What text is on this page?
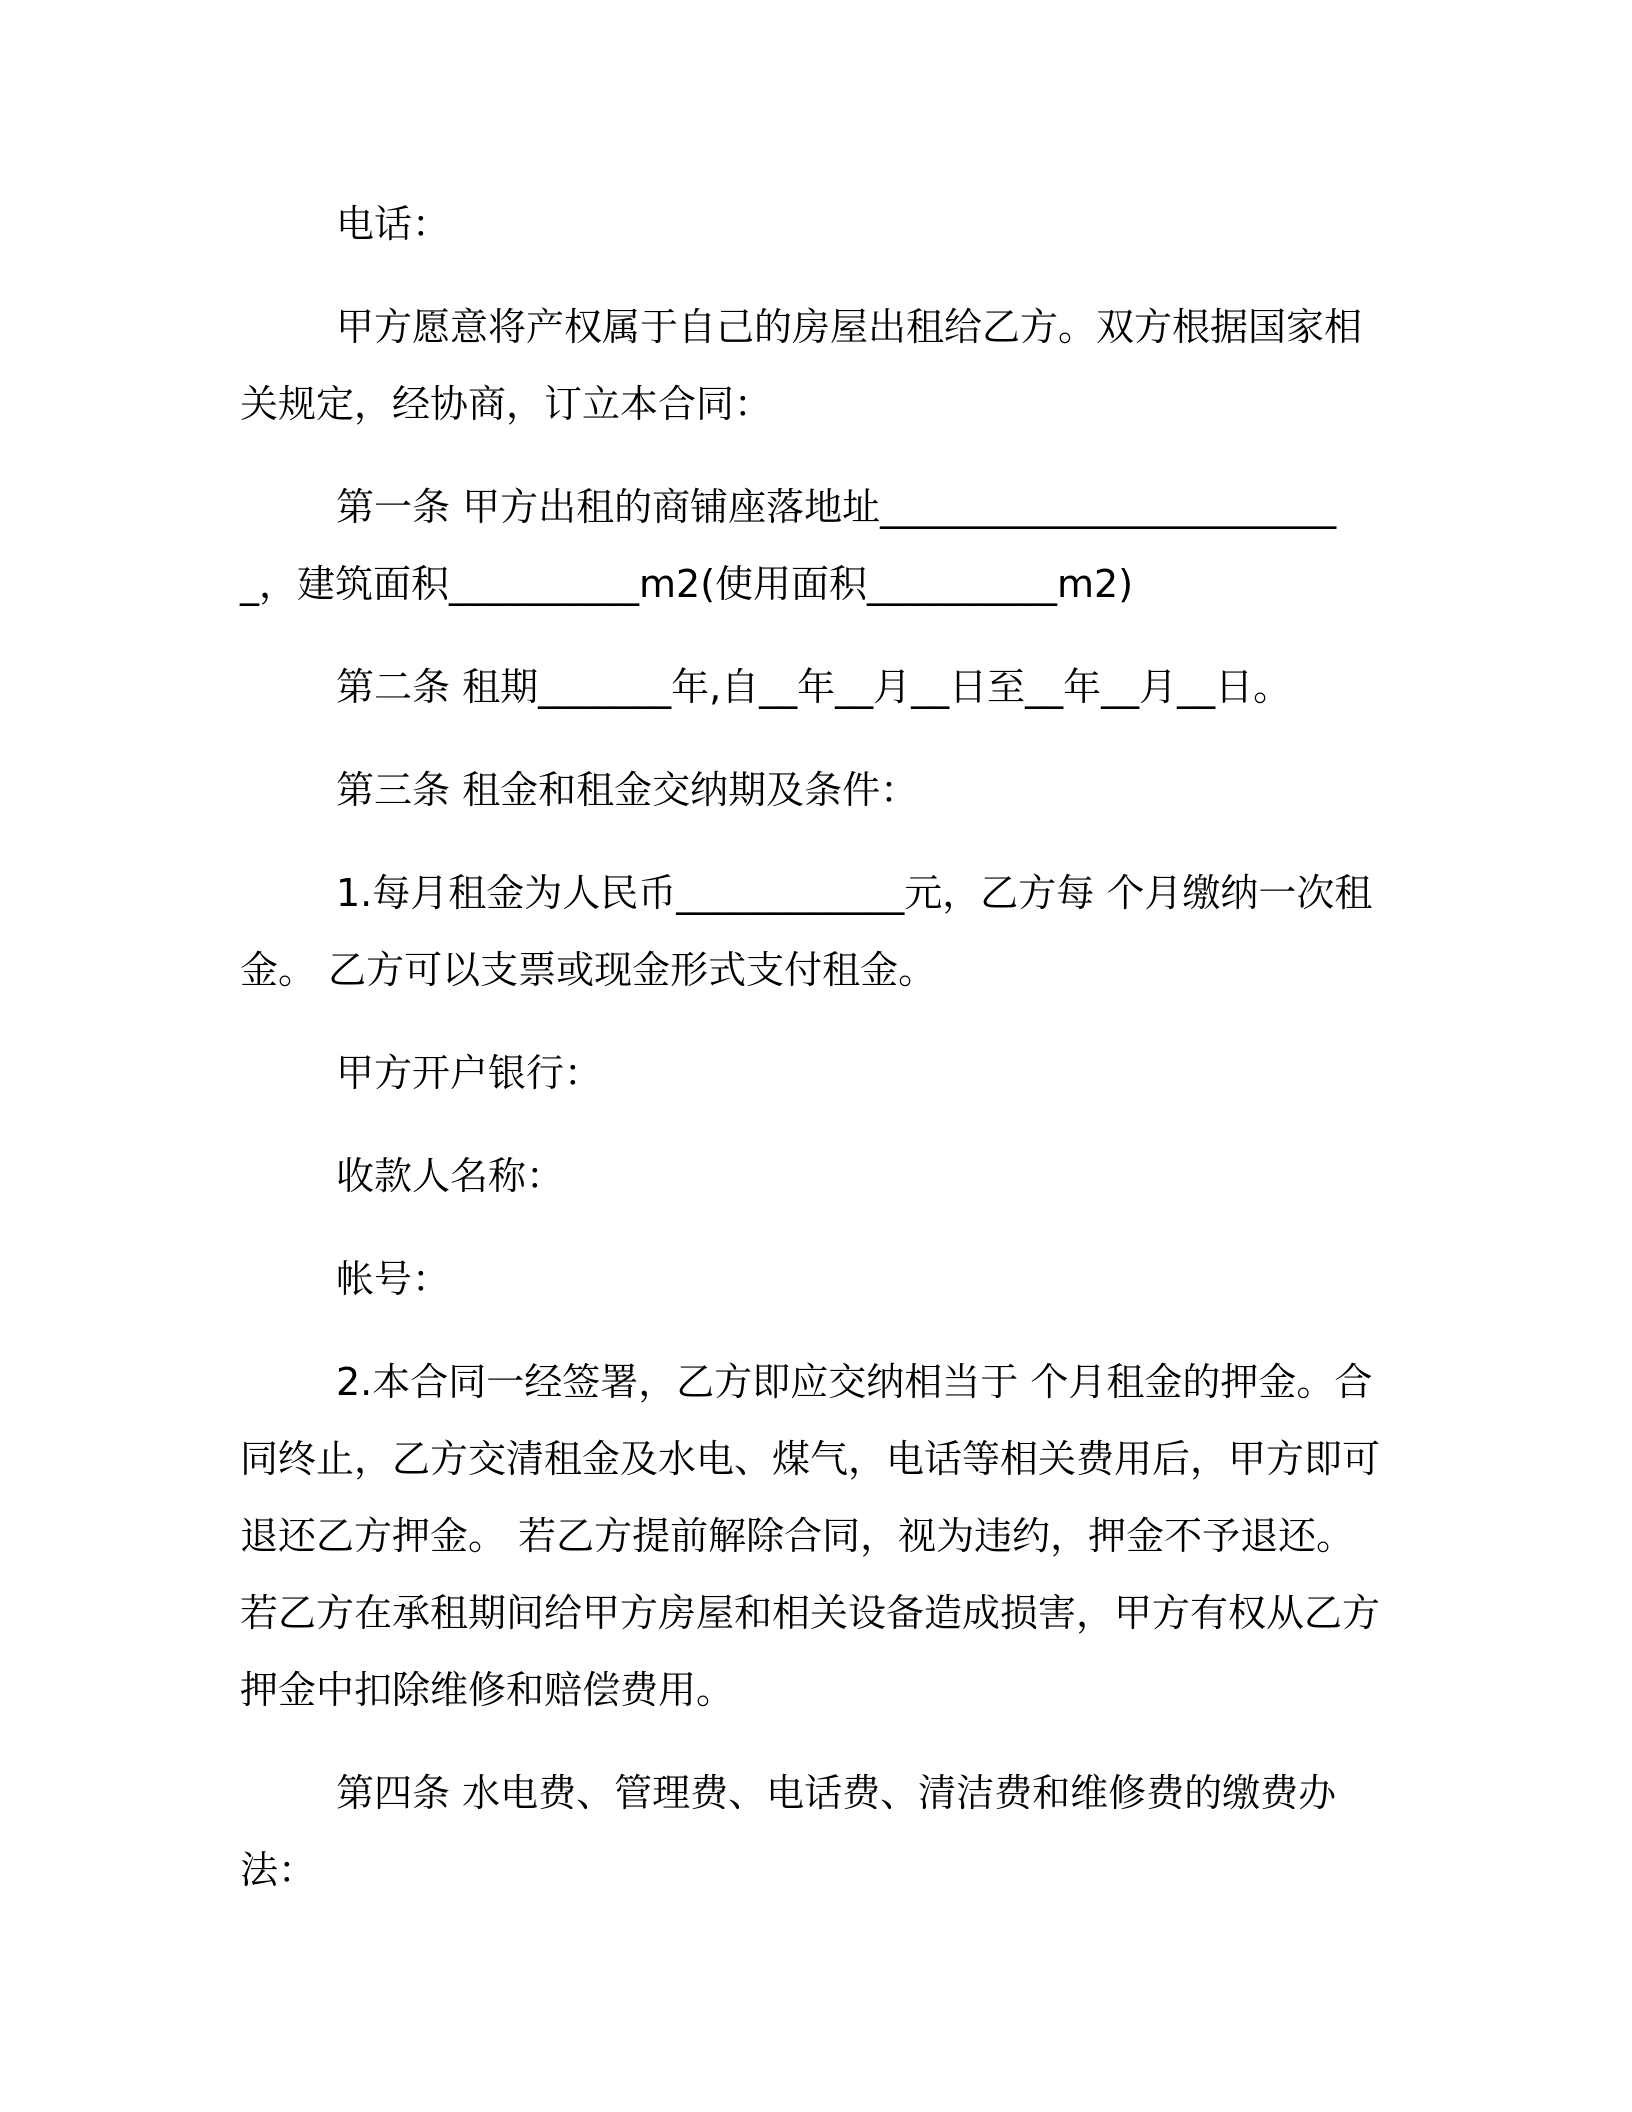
电话：

甲方愿意将产权属于自己的房屋出租给乙方。双方根据国家相关规定，经协商，订立本合同：

第一条 甲方出租的商铺座落地址_________________________，建筑面积__________m2(使用面积__________m2)

第二条 租期_______年,自__年__月__日至__年__月__日。

第三条 租金和租金交纳期及条件：

1.每月租金为人民币____________元，乙方每 个月缴纳一次租金。 乙方可以支票或现金形式支付租金。

甲方开户银行：

收款人名称：

帐号：

2.本合同一经签署，乙方即应交纳相当于 个月租金的押金。合同终止，乙方交清租金及水电、煤气，电话等相关费用后，甲方即可退还乙方押金。 若乙方提前解除合同，视为违约，押金不予退还。若乙方在承租期间给甲方房屋和相关设备造成损害，甲方有权从乙方押金中扣除维修和赔偿费用。

第四条 水电费、管理费、电话费、清洁费和维修费的缴费办法：
